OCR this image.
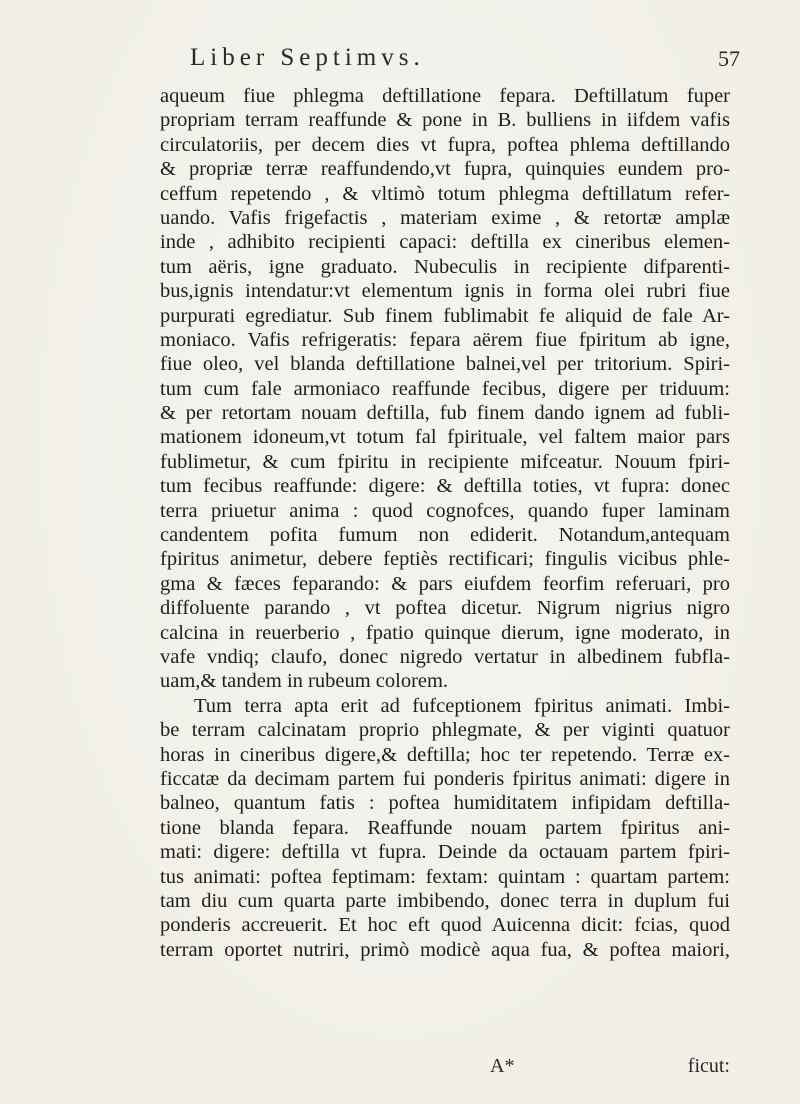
Liber Septimvs.	57
aqueum fiue phlegma deftillatione fepara. Deftillatum fuper
propriam terram reaffunde & pone in B. bulliens in iifdem vafis
circulatoriis, per decem dies vt fupra, poftea phlema deftillando
& propriæ terræ reaffundendo,vt fupra, quinquies eundem pro-
ceffum repetendo , & vltimò totum phlegma deftillatum refer-
uando. Vafis frigefactis , materiam exime , & retortæ amplæ
inde , adhibito recipienti capaci: deftilla ex cineribus elemen-
tum aëris, igne graduato. Nubeculis in recipiente difparenti-
bus,ignis intendatur:vt elementum ignis in forma olei rubri fiue
purpurati egrediatur. Sub finem fublimabit fe aliquid de fale Ar-
moniaco. Vafis refrigeratis: fepara aërem fiue fpiritum ab igne,
fiue oleo, vel blanda deftillatione balnei,vel per tritorium. Spiri-
tum cum fale armoniaco reaffunde fecibus, digere per triduum:
& per retortam nouam deftilla, fub finem dando ignem ad fubli-
mationem idoneum,vt totum fal fpirituale, vel faltem maior pars
fublimetur, & cum fpiritu in recipiente mifceatur. Nouum fpiri-
tum fecibus reaffunde: digere: & deftilla toties, vt fupra: donec
terra priuetur anima : quod cognofces, quando fuper laminam
candentem pofita fumum non ediderit. Notandum,antequam
fpiritus animetur, debere feptiès rectificari; fingulis vicibus phle-
gma & fæces feparando: & pars eiufdem feorfim referuari, pro
diffoluente parando , vt poftea dicetur. Nigrum nigrius nigro
calcina in reuerberio , fpatio quinque dierum, igne moderato, in
vafe vndiq; claufo, donec nigredo vertatur in albedinem fubfla-
uam,& tandem in rubeum colorem.
Tum terra apta erit ad fufceptionem fpiritus animati. Imbi-
be terram calcinatam proprio phlegmate, & per viginti quatuor
horas in cineribus digere,& deftilla; hoc ter repetendo. Terræ ex-
ficcatæ da decimam partem fui ponderis fpiritus animati: digere in
balneo, quantum fatis : poftea humiditatem infipidam deftilla-
tione blanda fepara. Reaffunde nouam partem fpiritus ani-
mati: digere: deftilla vt fupra. Deinde da octauam partem fpiri-
tus animati: poftea feptimam: fextam: quintam : quartam partem:
tam diu cum quarta parte imbibendo, donec terra in duplum fui
ponderis accreuerit. Et hoc eft quod Auicenna dicit: fcias, quod
terram oportet nutriri, primò modicè aqua fua, & poftea maiori,
A*	ficut:
